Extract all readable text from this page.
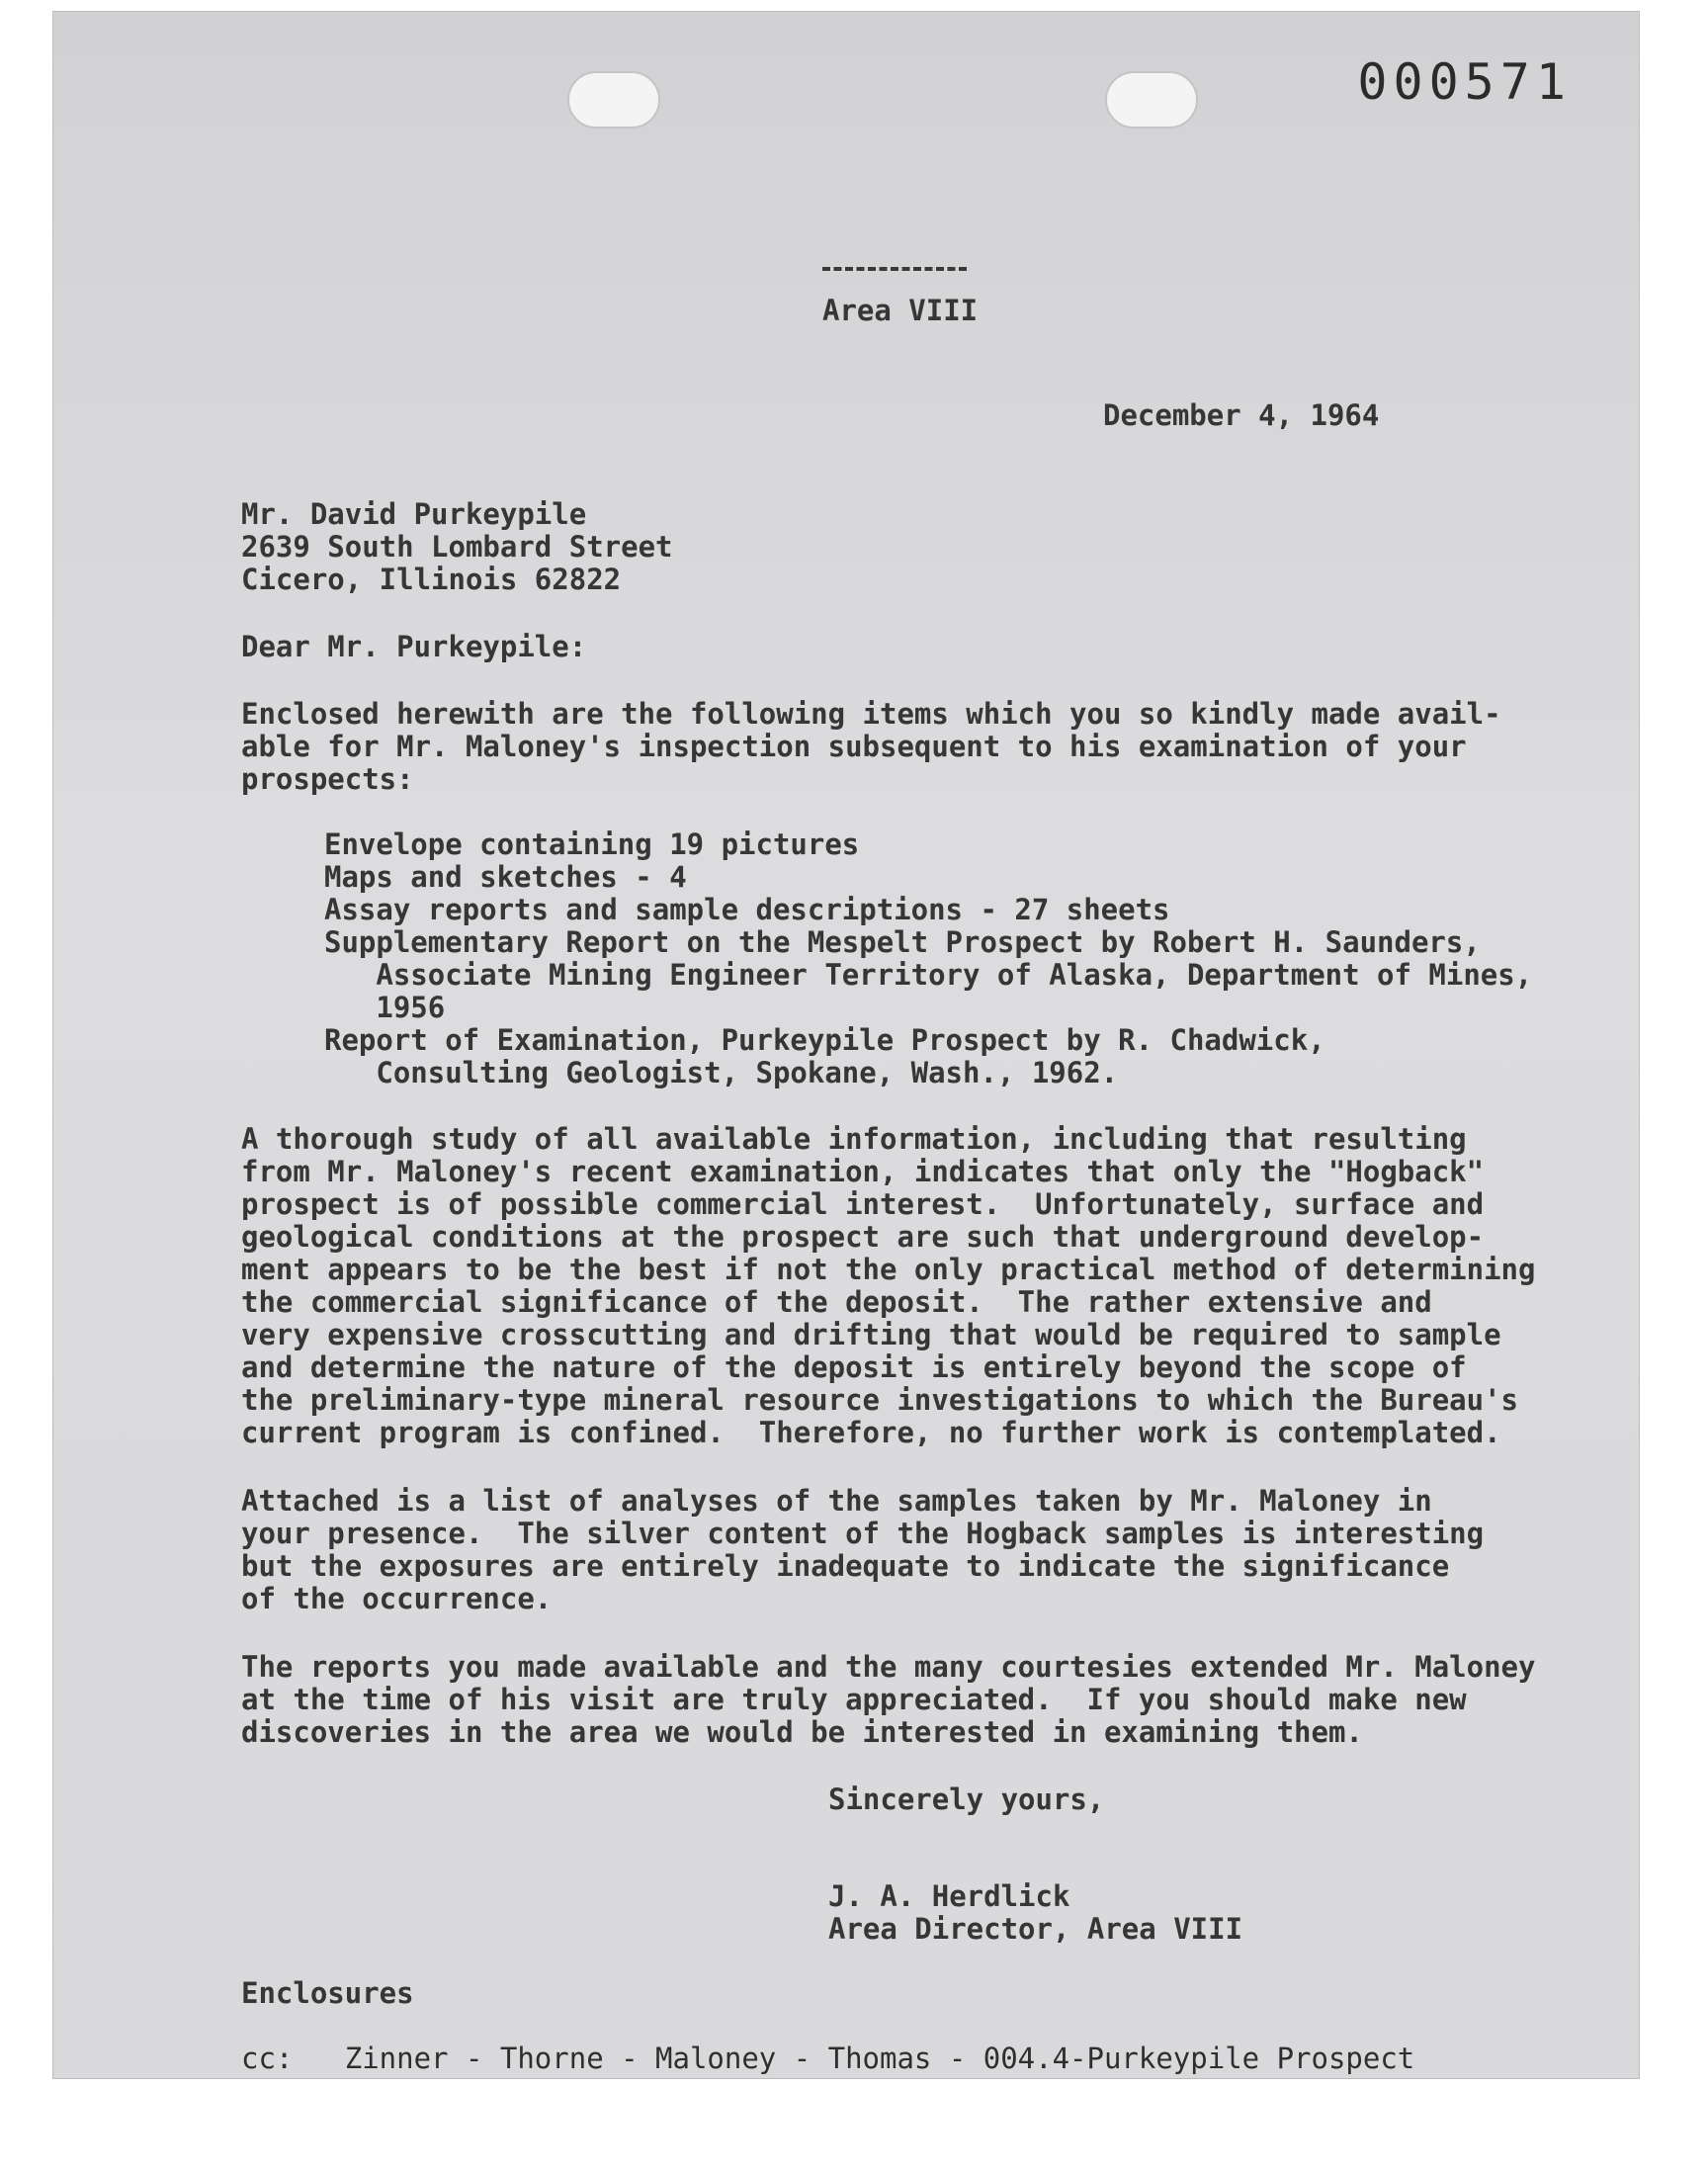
000571
Area VIII
December 4, 1964
Mr. David Purkeypile
2639 South Lombard Street
Cicero, Illinois 62822
Dear Mr. Purkeypile:
Enclosed herewith are the following items which you so kindly made avail-
able for Mr. Maloney's inspection subsequent to his examination of your
prospects:
Envelope containing 19 pictures
Maps and sketches - 4
Assay reports and sample descriptions - 27 sheets
Supplementary Report on the Mespelt Prospect by Robert H. Saunders,
Associate Mining Engineer Territory of Alaska, Department of Mines,
1956
Report of Examination, Purkeypile Prospect by R. Chadwick,
Consulting Geologist, Spokane, Wash., 1962.
A thorough study of all available information, including that resulting
from Mr. Maloney's recent examination, indicates that only the "Hogback"
prospect is of possible commercial interest.  Unfortunately, surface and
geological conditions at the prospect are such that underground develop-
ment appears to be the best if not the only practical method of determining
the commercial significance of the deposit.  The rather extensive and
very expensive crosscutting and drifting that would be required to sample
and determine the nature of the deposit is entirely beyond the scope of
the preliminary-type mineral resource investigations to which the Bureau's
current program is confined.  Therefore, no further work is contemplated.
Attached is a list of analyses of the samples taken by Mr. Maloney in
your presence.  The silver content of the Hogback samples is interesting
but the exposures are entirely inadequate to indicate the significance
of the occurrence.
The reports you made available and the many courtesies extended Mr. Maloney
at the time of his visit are truly appreciated.  If you should make new
discoveries in the area we would be interested in examining them.
Sincerely yours,
J. A. Herdlick
Area Director, Area VIII
Enclosures
cc:   Zinner - Thorne - Maloney - Thomas - 004.4-Purkeypile Prospect
